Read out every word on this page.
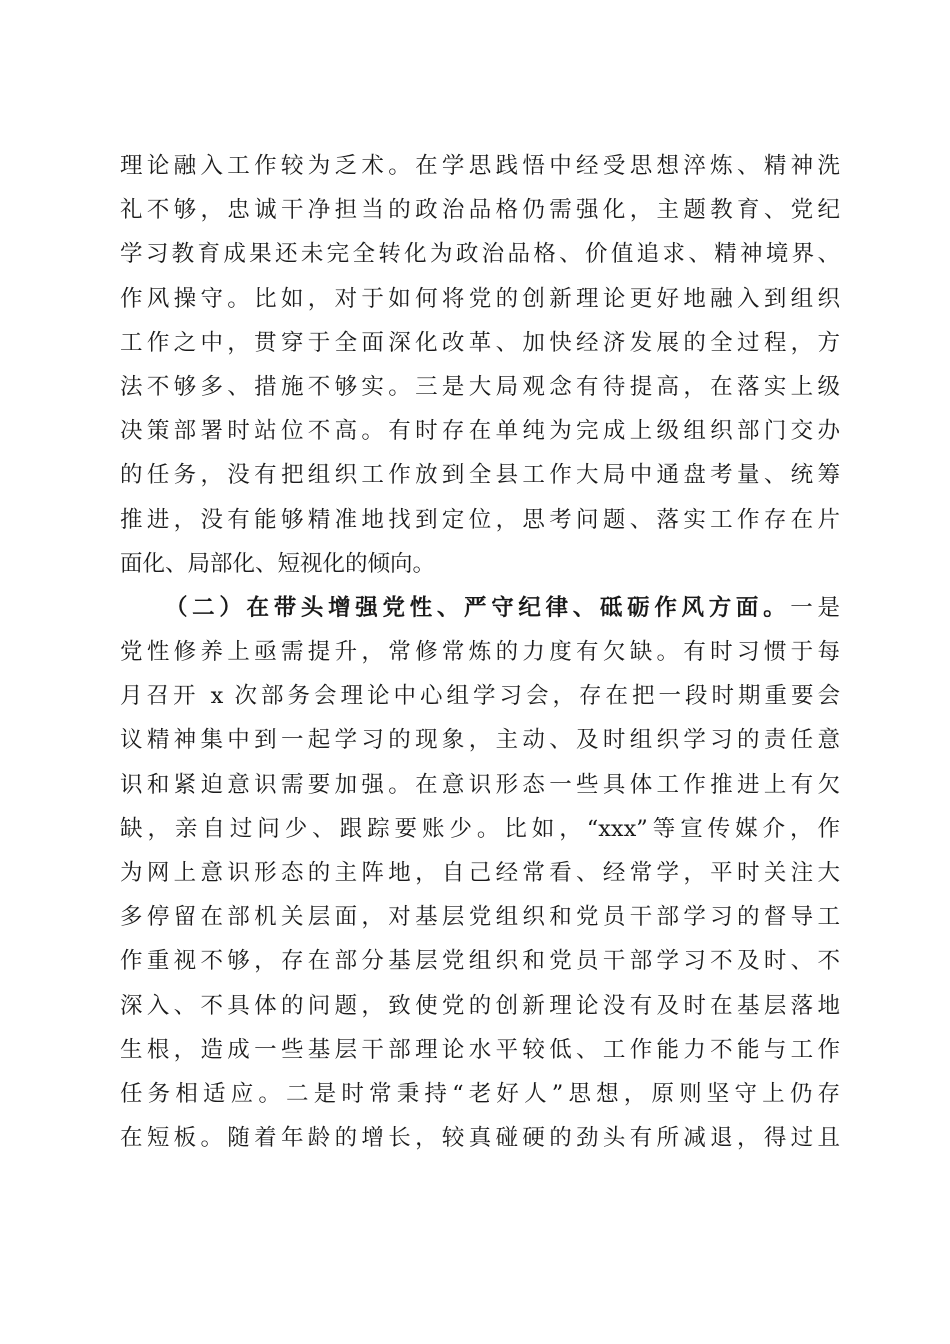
理论融入工作较为乏术。在学思践悟中经受思想淬炼、精神洗
礼不够，忠诚干净担当的政治品格仍需强化，主题教育、党纪
学习教育成果还未完全转化为政治品格、价值追求、精神境界、
作风操守。比如，对于如何将党的创新理论更好地融入到组织
工作之中，贯穿于全面深化改革、加快经济发展的全过程，方
法不够多、措施不够实。三是大局观念有待提高，在落实上级
决策部署时站位不高。有时存在单纯为完成上级组织部门交办
的任务，没有把组织工作放到全县工作大局中通盘考量、统筹
推进，没有能够精准地找到定位，思考问题、落实工作存在片
面化、局部化、短视化的倾向。
（二）在带头增强党性、严守纪律、砥砺作风方面。一是
党性修养上亟需提升，常修常炼的力度有欠缺。有时习惯于每
月召开 x 次部务会理论中心组学习会，存在把一段时期重要会
议精神集中到一起学习的现象，主动、及时组织学习的责任意
识和紧迫意识需要加强。在意识形态一些具体工作推进上有欠
缺，亲自过问少、跟踪要账少。比如，“xxx”等宣传媒介，作
为网上意识形态的主阵地，自己经常看、经常学，平时关注大
多停留在部机关层面，对基层党组织和党员干部学习的督导工
作重视不够，存在部分基层党组织和党员干部学习不及时、不
深入、不具体的问题，致使党的创新理论没有及时在基层落地
生根，造成一些基层干部理论水平较低、工作能力不能与工作
任务相适应。二是时常秉持“老好人”思想，原则坚守上仍存
在短板。随着年龄的增长，较真碰硬的劲头有所减退，得过且
